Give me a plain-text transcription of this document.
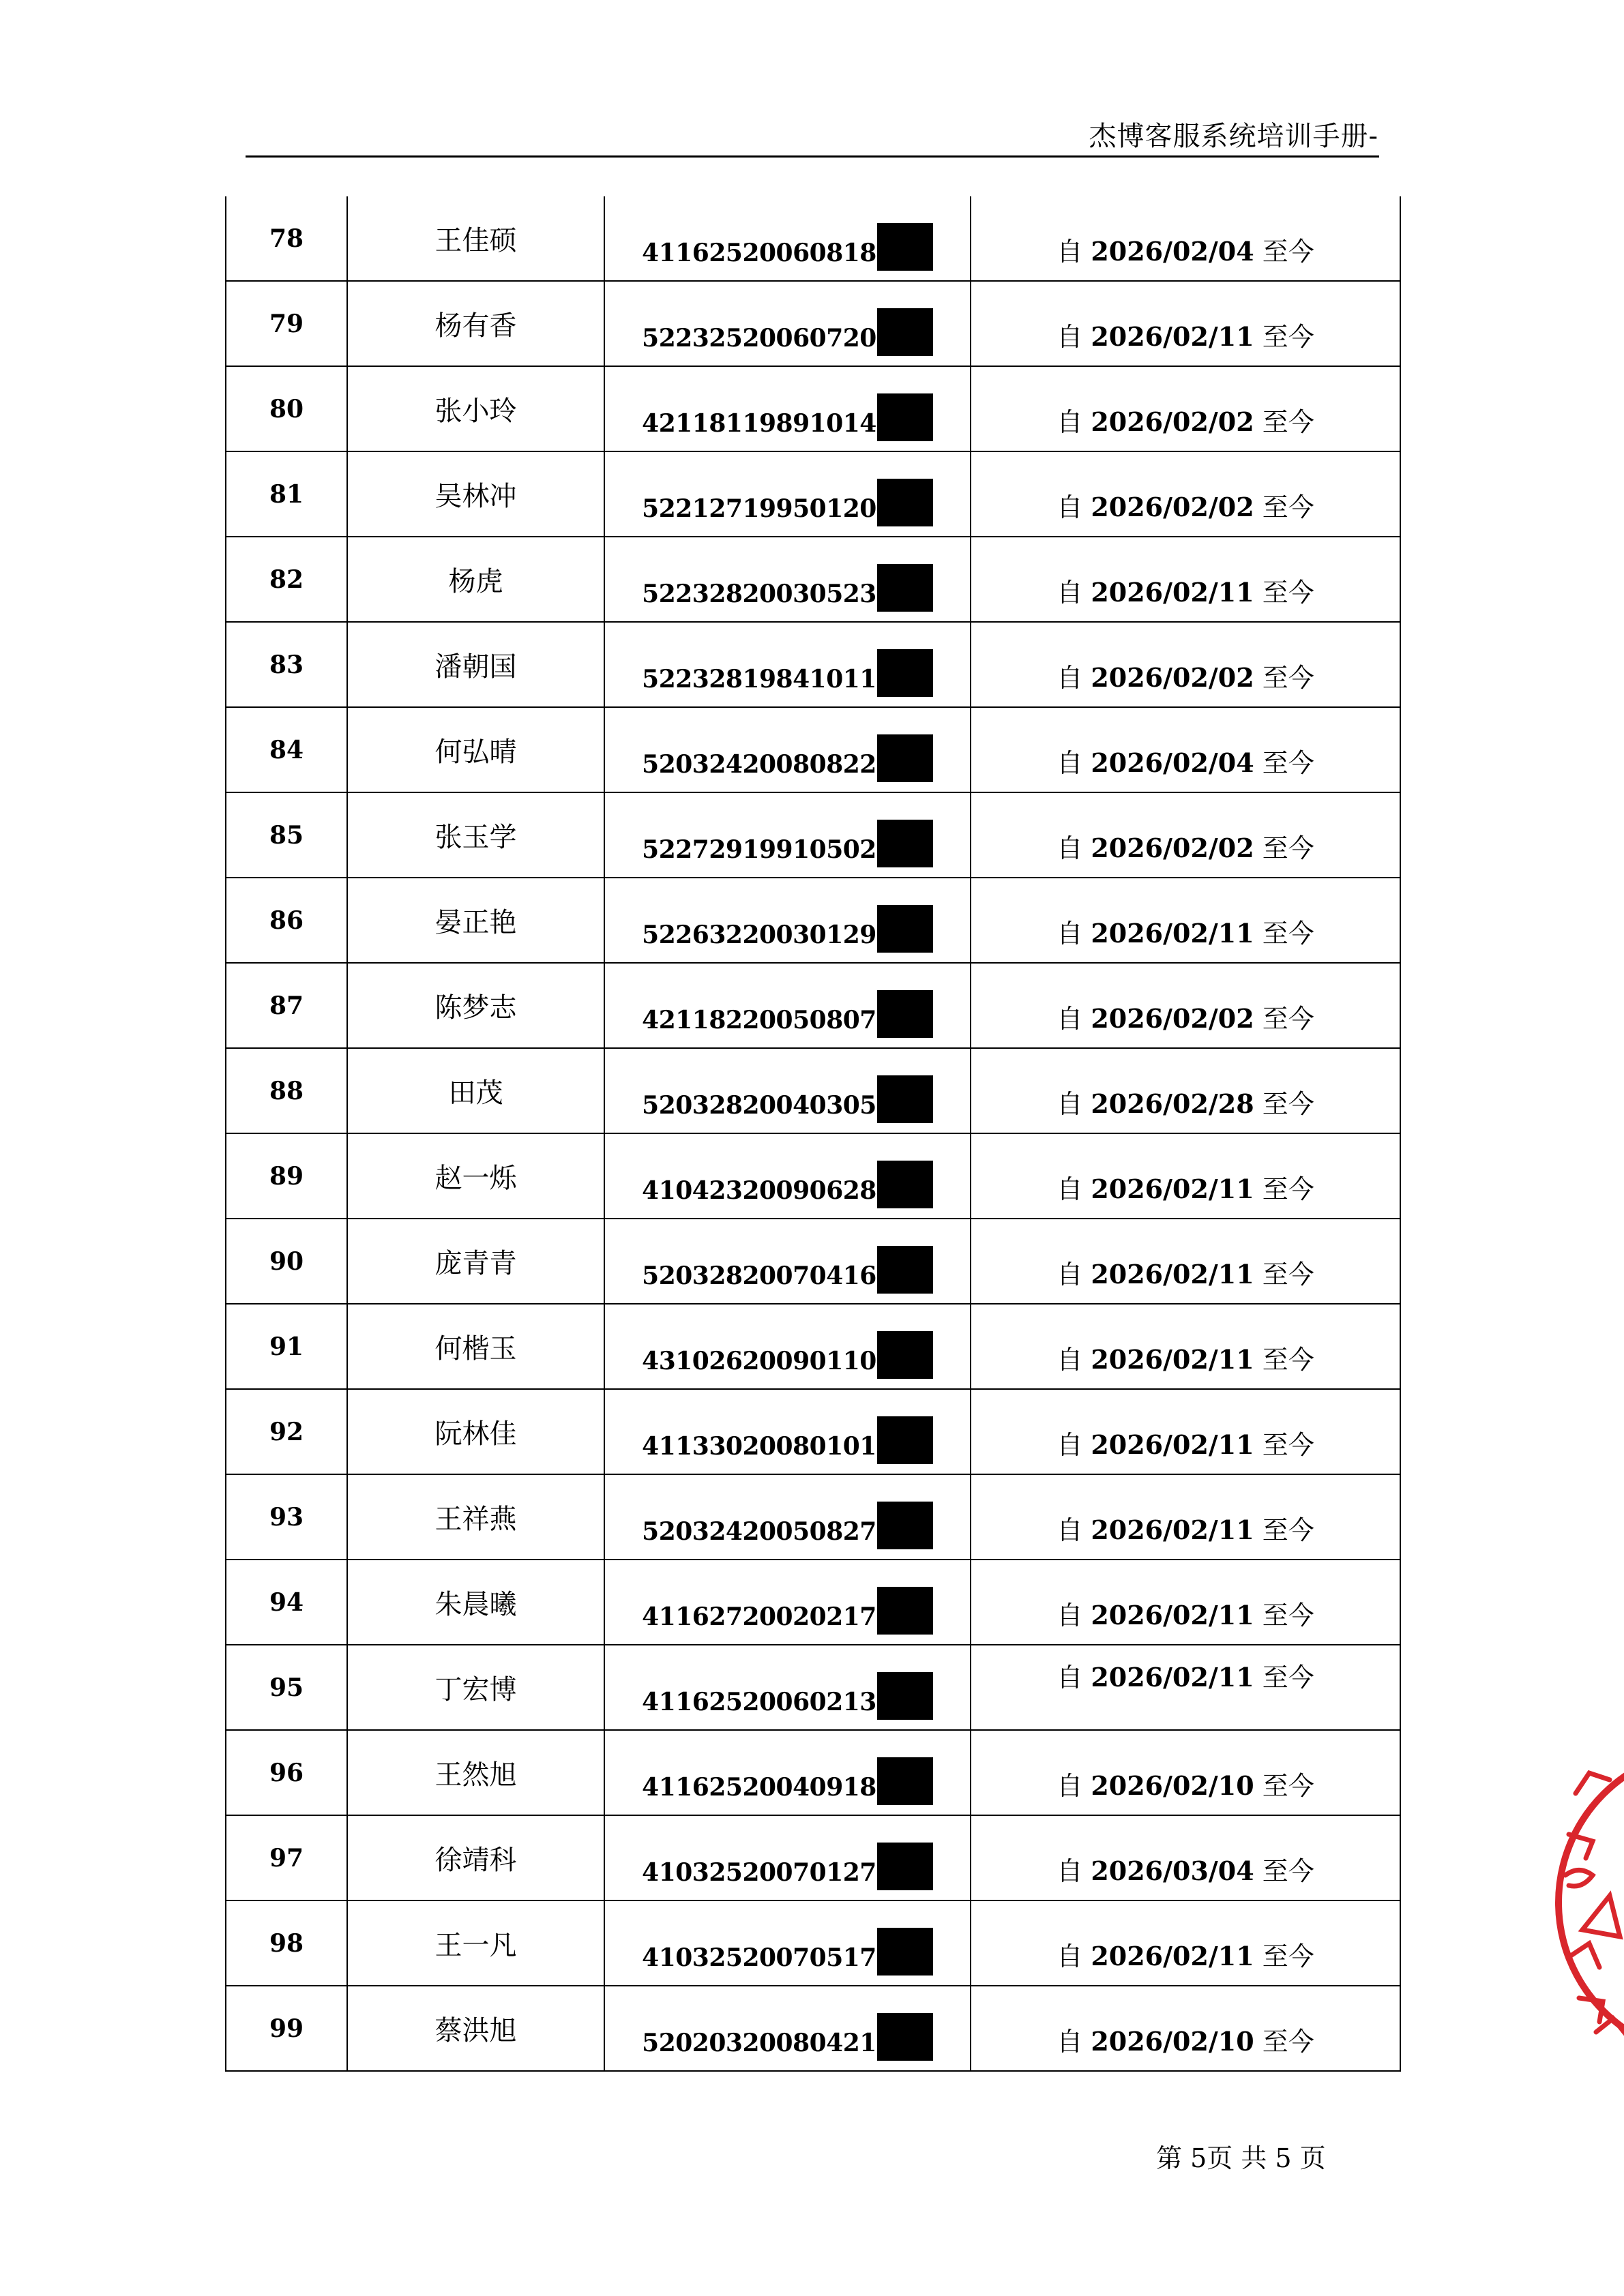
杰博客服系统培训手册-
78	王佳硕	41162520060818	自 2026/02/04 至今
79	杨有香	52232520060720	自 2026/02/11 至今
80	张小玲	42118119891014	自 2026/02/02 至今
81	吴林冲	52212719950120	自 2026/02/02 至今
82	杨虎	52232820030523	自 2026/02/11 至今
83	潘朝国	52232819841011	自 2026/02/02 至今
84	何弘晴	52032420080822	自 2026/02/04 至今
85	张玉学	52272919910502	自 2026/02/02 至今
86	晏正艳	52263220030129	自 2026/02/11 至今
87	陈梦志	42118220050807	自 2026/02/02 至今
88	田茂	52032820040305	自 2026/02/28 至今
89	赵一烁	41042320090628	自 2026/02/11 至今
90	庞青青	52032820070416	自 2026/02/11 至今
91	何楷玉	43102620090110	自 2026/02/11 至今
92	阮林佳	41133020080101	自 2026/02/11 至今
93	王祥燕	52032420050827	自 2026/02/11 至今
94	朱晨曦	41162720020217	自 2026/02/11 至今
95	丁宏博	41162520060213	自 2026/02/11 至今
96	王然旭	41162520040918	自 2026/02/10 至今
97	徐靖科	41032520070127	自 2026/03/04 至今
98	王一凡	41032520070517	自 2026/02/11 至今
99	蔡洪旭	52020320080421	自 2026/02/10 至今
第 5页 共 5 页
